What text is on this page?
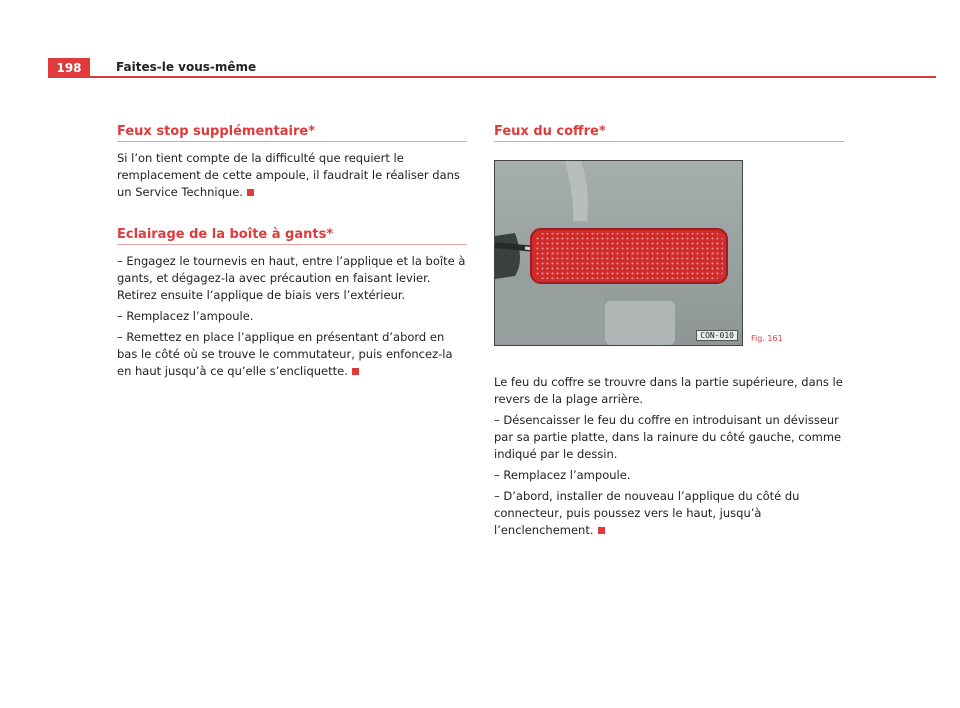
198	Faites-le vous-même
Feux stop supplémentaire*

Si l’on tient compte de la difficulté que requiert le remplacement de cette ampoule, il faudrait le réaliser dans un Service Technique.

Eclairage de la boîte à gants*

– Engagez le tournevis en haut, entre l’applique et la boîte à gants, et dégagez-la avec précaution en faisant levier. Retirez ensuite l’applique de biais vers l’extérieur.

– Remplacez l’ampoule.

– Remettez en place l’applique en présentant d’abord en bas le côté où se trouve le commutateur, puis enfoncez-la en haut jusqu’à ce qu’elle s’encliquette.

Feux du coffre*
CON-010	Fig. 161

Le feu du coffre se trouvre dans la partie supérieure, dans le revers de la plage arrière.

– Désencaisser le feu du coffre en introduisant un dévisseur par sa partie platte, dans la rainure du côté gauche, comme indiqué par le dessin.

– Remplacez l’ampoule.

– D’abord, installer de nouveau l’applique du côté du connecteur, puis poussez vers le haut, jusqu’à l’enclenchement.
